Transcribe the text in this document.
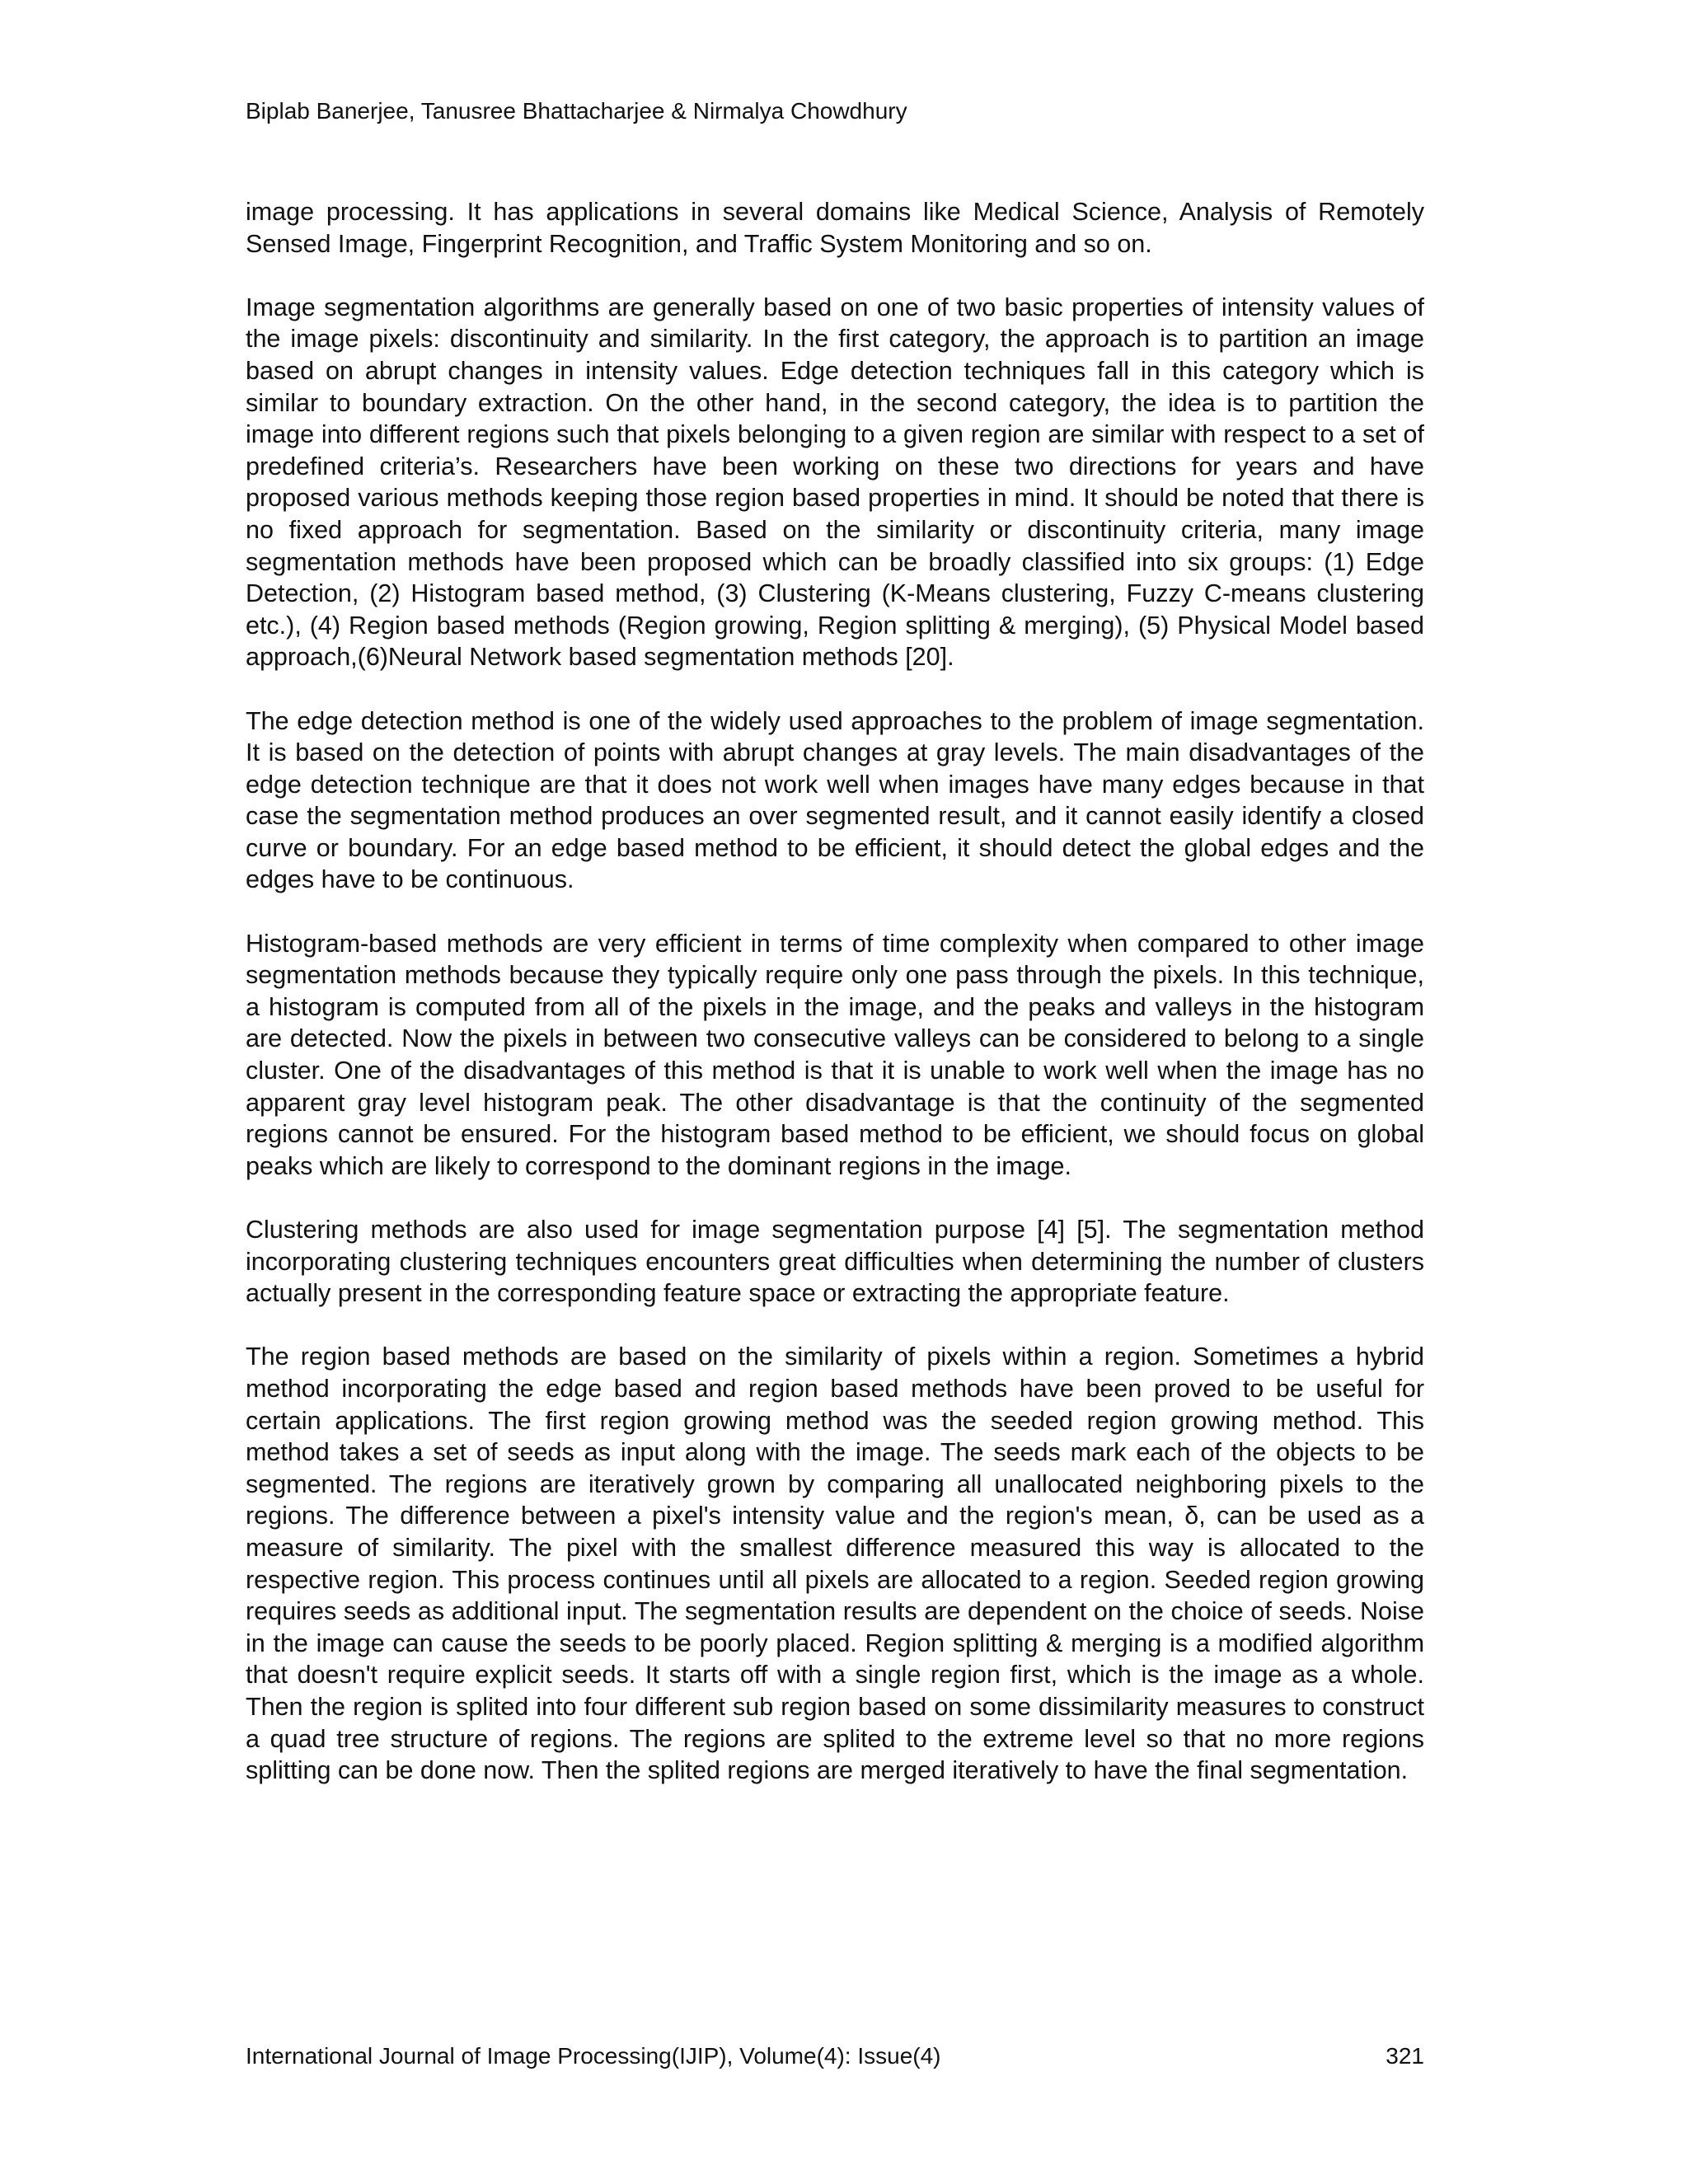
Biplab Banerjee, Tanusree Bhattacharjee & Nirmalya Chowdhury

image processing. It has applications in several domains like Medical Science, Analysis of Remotely Sensed Image, Fingerprint Recognition, and Traffic System Monitoring and so on.

Image segmentation algorithms are generally based on one of two basic properties of intensity values of the image pixels: discontinuity and similarity. In the first category, the approach is to partition an image based on abrupt changes in intensity values. Edge detection techniques fall in this category which is similar to boundary extraction. On the other hand, in the second category, the idea is to partition the image into different regions such that pixels belonging to a given region are similar with respect to a set of predefined criteria’s. Researchers have been working on these two directions for years and have proposed various methods keeping those region based properties in mind. It should be noted that there is no fixed approach for segmentation. Based on the similarity or discontinuity criteria, many image segmentation methods have been proposed which can be broadly classified into six groups: (1) Edge Detection, (2) Histogram based method, (3) Clustering (K-Means clustering, Fuzzy C-means clustering etc.), (4) Region based methods (Region growing, Region splitting & merging), (5) Physical Model based approach,(6)Neural Network based segmentation methods [20].

The edge detection method is one of the widely used approaches to the problem of image segmentation. It is based on the detection of points with abrupt changes at gray levels. The main disadvantages of the edge detection technique are that it does not work well when images have many edges because in that case the segmentation method produces an over segmented result, and it cannot easily identify a closed curve or boundary. For an edge based method to be efficient, it should detect the global edges and the edges have to be continuous.

Histogram-based methods are very efficient in terms of time complexity when compared to other image segmentation methods because they typically require only one pass through the pixels. In this technique, a histogram is computed from all of the pixels in the image, and the peaks and valleys in the histogram are detected. Now the pixels in between two consecutive valleys can be considered to belong to a single cluster. One of the disadvantages of this method is that it is unable to work well when the image has no apparent gray level histogram peak. The other disadvantage is that the continuity of the segmented regions cannot be ensured. For the histogram based method to be efficient, we should focus on global peaks which are likely to correspond to the dominant regions in the image.

Clustering methods are also used for image segmentation purpose [4] [5]. The segmentation method incorporating clustering techniques encounters great difficulties when determining the number of clusters actually present in the corresponding feature space or extracting the appropriate feature.

The region based methods are based on the similarity of pixels within a region. Sometimes a hybrid method incorporating the edge based and region based methods have been proved to be useful for certain applications. The first region growing method was the seeded region growing method. This method takes a set of seeds as input along with the image. The seeds mark each of the objects to be segmented. The regions are iteratively grown by comparing all unallocated neighboring pixels to the regions. The difference between a pixel's intensity value and the region's mean, δ, can be used as a measure of similarity. The pixel with the smallest difference measured this way is allocated to the respective region. This process continues until all pixels are allocated to a region. Seeded region growing requires seeds as additional input. The segmentation results are dependent on the choice of seeds. Noise in the image can cause the seeds to be poorly placed. Region splitting & merging is a modified algorithm that doesn't require explicit seeds. It starts off with a single region first, which is the image as a whole. Then the region is splited into four different sub region based on some dissimilarity measures to construct a quad tree structure of regions. The regions are splited to the extreme level so that no more regions splitting can be done now. Then the splited regions are merged iteratively to have the final segmentation.

International Journal of Image Processing(IJIP), Volume(4): Issue(4)	321
